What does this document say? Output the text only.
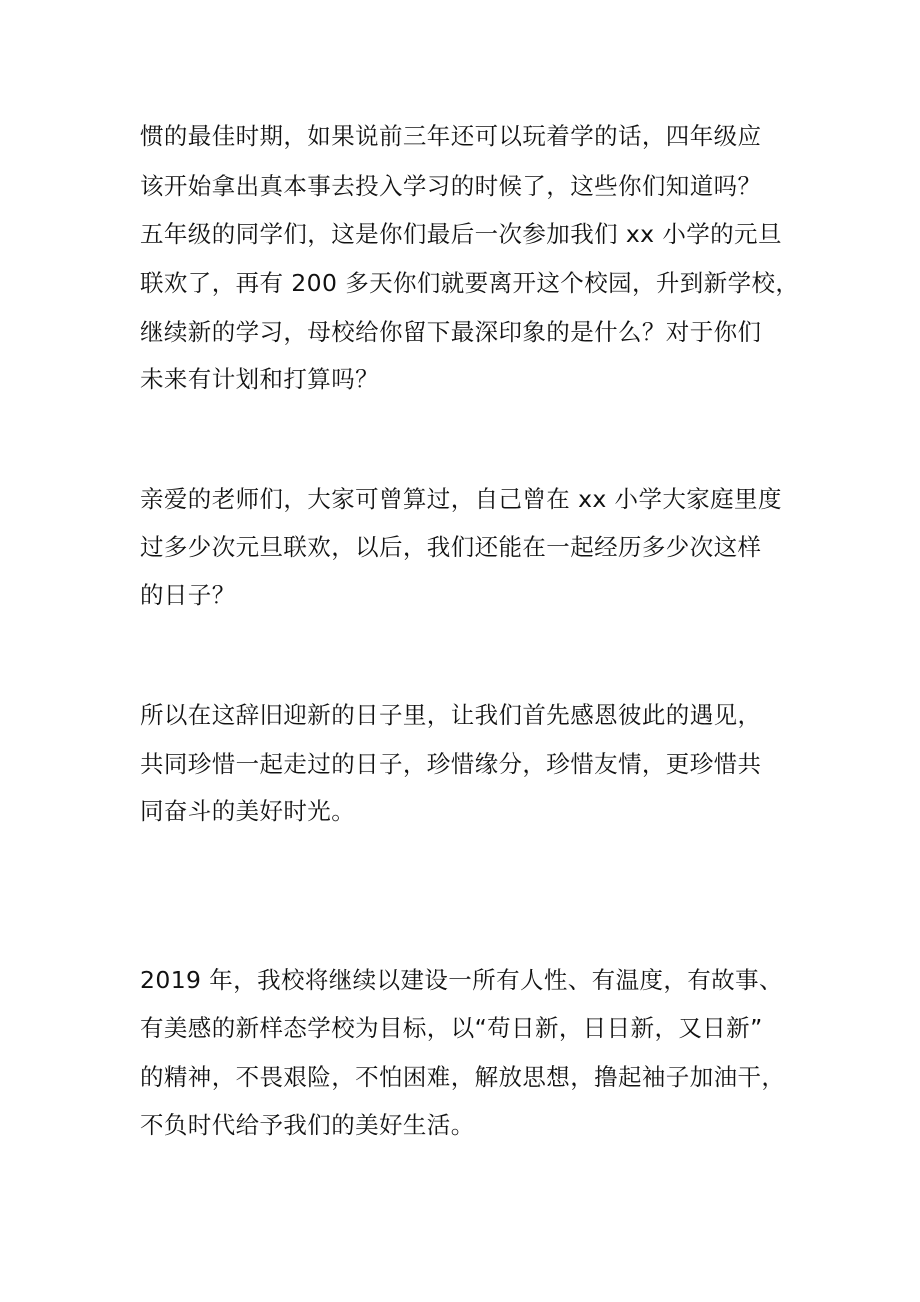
惯的最佳时期，如果说前三年还可以玩着学的话，四年级应
该开始拿出真本事去投入学习的时候了，这些你们知道吗？
五年级的同学们，这是你们最后一次参加我们 xx 小学的元旦
联欢了，再有 200 多天你们就要离开这个校园，升到新学校，
继续新的学习，母校给你留下最深印象的是什么？对于你们
未来有计划和打算吗？
亲爱的老师们，大家可曾算过，自己曾在 xx 小学大家庭里度
过多少次元旦联欢，以后，我们还能在一起经历多少次这样
的日子？
所以在这辞旧迎新的日子里，让我们首先感恩彼此的遇见，
共同珍惜一起走过的日子，珍惜缘分，珍惜友情，更珍惜共
同奋斗的美好时光。
2019 年，我校将继续以建设一所有人性、有温度，有故事、
有美感的新样态学校为目标，以“苟日新，日日新，又日新”
的精神，不畏艰险，不怕困难，解放思想，撸起袖子加油干，
不负时代给予我们的美好生活。
